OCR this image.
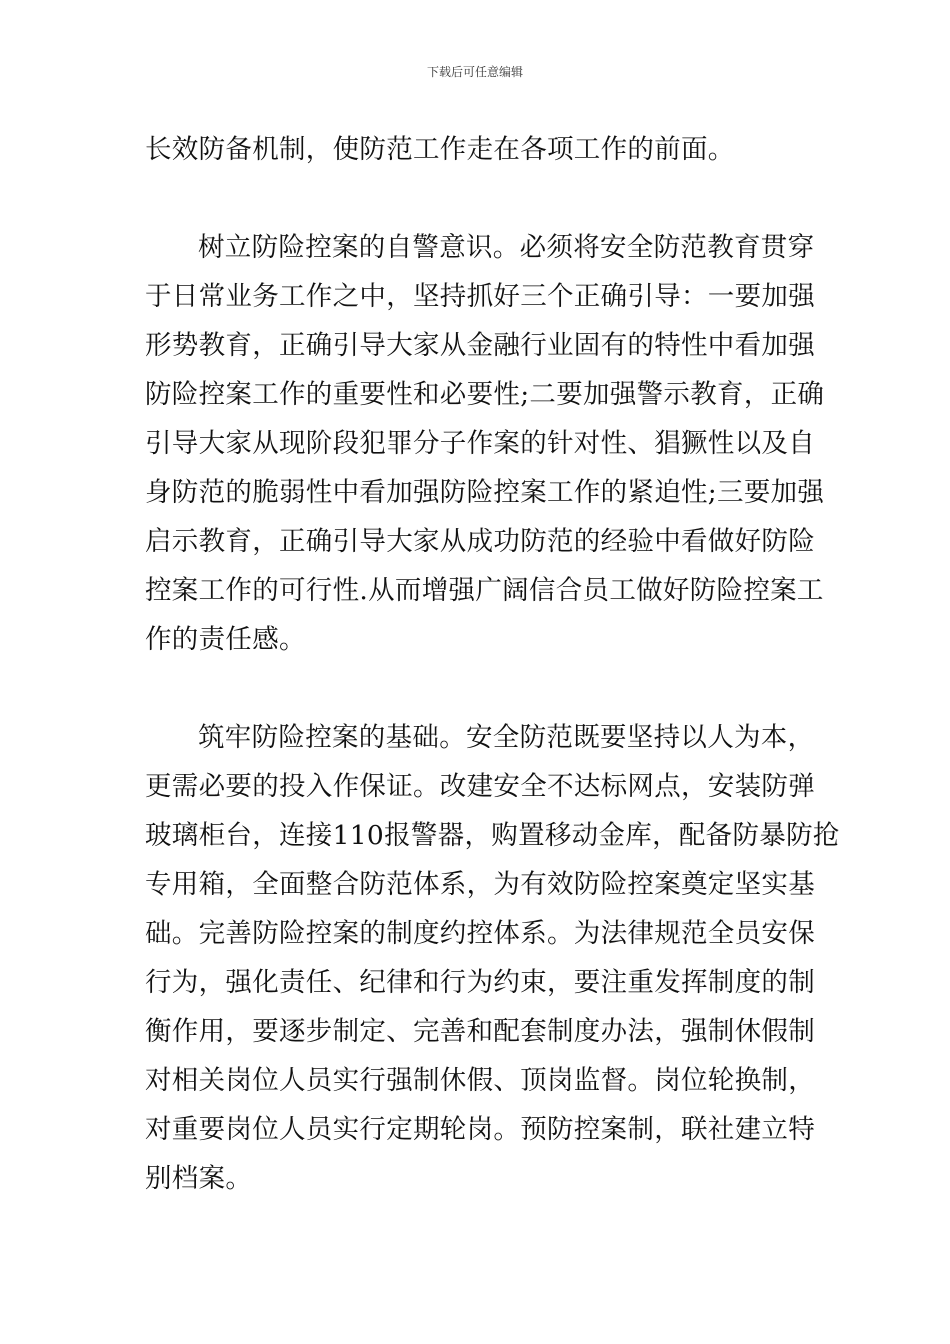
下载后可任意编辑
长效防备机制，使防范工作走在各项工作的前面。
树立防险控案的自警意识。必须将安全防范教育贯穿
于日常业务工作之中，坚持抓好三个正确引导：一要加强
形势教育，正确引导大家从金融行业固有的特性中看加强
防险控案工作的重要性和必要性;二要加强警示教育，正确
引导大家从现阶段犯罪分子作案的针对性、猖獗性以及自
身防范的脆弱性中看加强防险控案工作的紧迫性;三要加强
启示教育，正确引导大家从成功防范的经验中看做好防险
控案工作的可行性.从而增强广阔信合员工做好防险控案工
作的责任感。
筑牢防险控案的基础。安全防范既要坚持以人为本，
更需必要的投入作保证。改建安全不达标网点，安装防弹
玻璃柜台，连接110报警器，购置移动金库，配备防暴防抢
专用箱，全面整合防范体系，为有效防险控案奠定坚实基
础。完善防险控案的制度约控体系。为法律规范全员安保
行为，强化责任、纪律和行为约束，要注重发挥制度的制
衡作用，要逐步制定、完善和配套制度办法，强制休假制
对相关岗位人员实行强制休假、顶岗监督。岗位轮换制，
对重要岗位人员实行定期轮岗。预防控案制，联社建立特
别档案。
